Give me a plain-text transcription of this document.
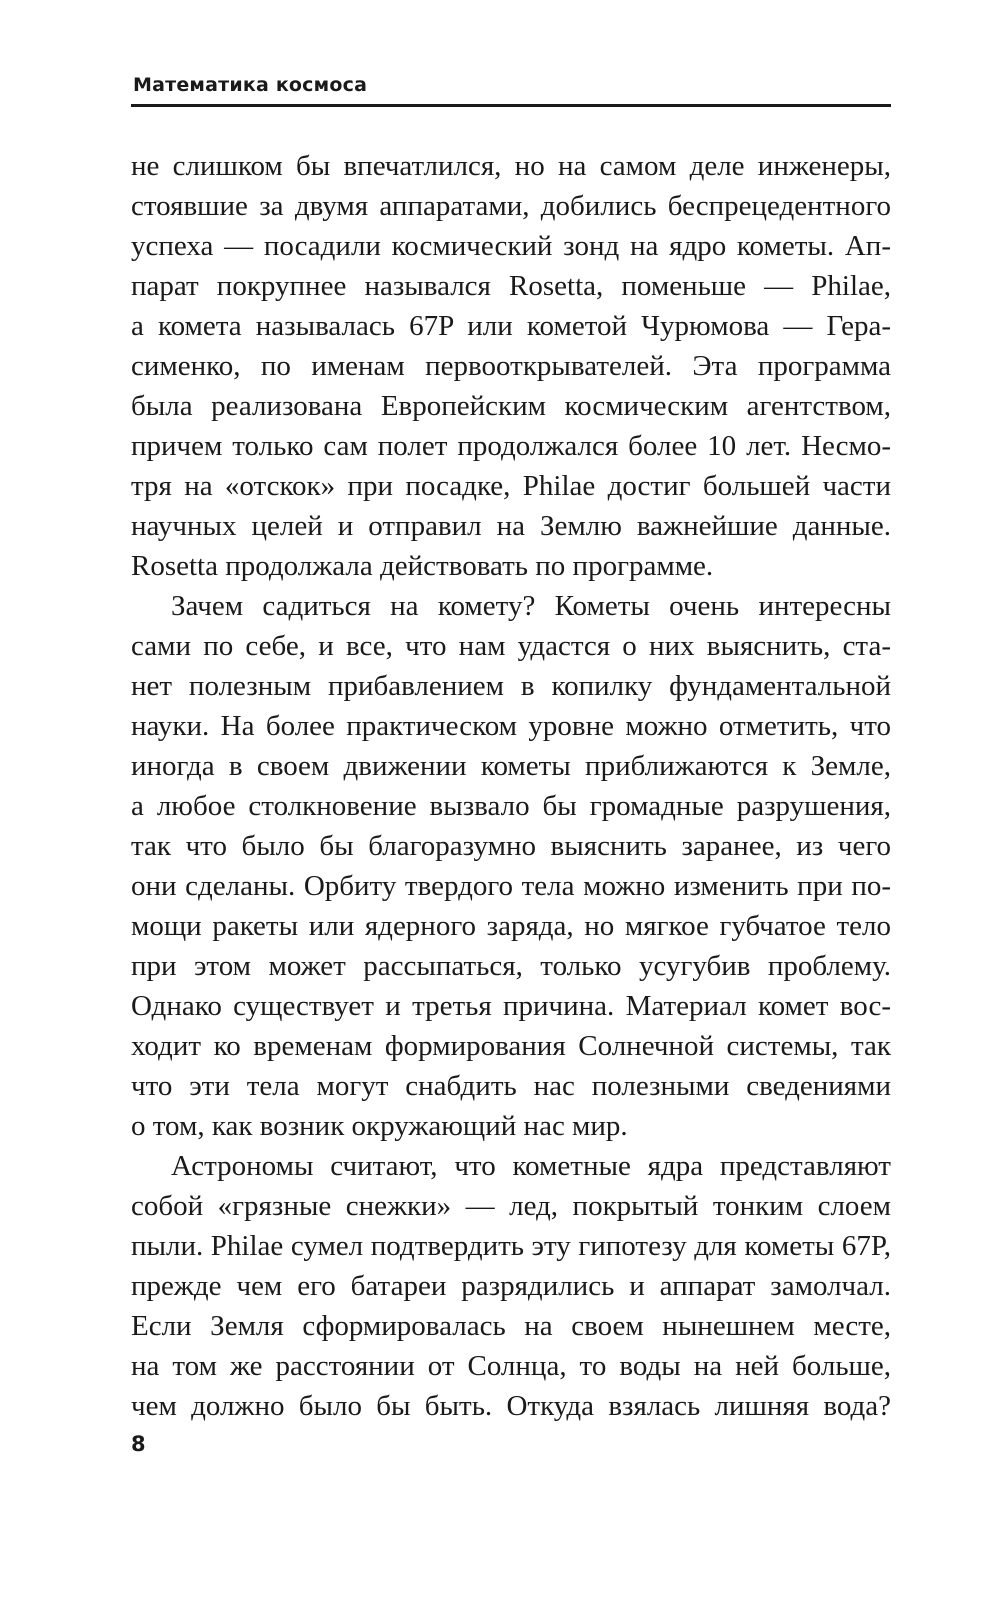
Математика космоса

не слишком бы впечатлился, но на самом деле инженеры,
стоявшие за двумя аппаратами, добились беспрецедентного
успеха — посадили космический зонд на ядро кометы. Ап-
парат покрупнее назывался Rosetta, поменьше — Philae,
а комета называлась 67P или кометой Чурюмова — Гера-
сименко, по именам первооткрывателей. Эта программа
была реализована Европейским космическим агентством,
причем только сам полет продолжался более 10 лет. Несмо-
тря на «отскок» при посадке, Philae достиг большей части
научных целей и отправил на Землю важнейшие данные.
Rosetta продолжала действовать по программе.

Зачем садиться на комету? Кометы очень интересны
сами по себе, и все, что нам удастся о них выяснить, ста-
нет полезным прибавлением в копилку фундаментальной
науки. На более практическом уровне можно отметить, что
иногда в своем движении кометы приближаются к Земле,
а любое столкновение вызвало бы громадные разрушения,
так что было бы благоразумно выяснить заранее, из чего
они сделаны. Орбиту твердого тела можно изменить при по-
мощи ракеты или ядерного заряда, но мягкое губчатое тело
при этом может рассыпаться, только усугубив проблему.
Однако существует и третья причина. Материал комет вос-
ходит ко временам формирования Солнечной системы, так
что эти тела могут снабдить нас полезными сведениями
о том, как возник окружающий нас мир.

Астрономы считают, что кометные ядра представляют
собой «грязные снежки» — лед, покрытый тонким слоем
пыли. Philae сумел подтвердить эту гипотезу для кометы 67P,
прежде чем его батареи разрядились и аппарат замолчал.
Если Земля сформировалась на своем нынешнем месте,
на том же расстоянии от Солнца, то воды на ней больше,
чем должно было бы быть. Откуда взялась лишняя вода?

8
